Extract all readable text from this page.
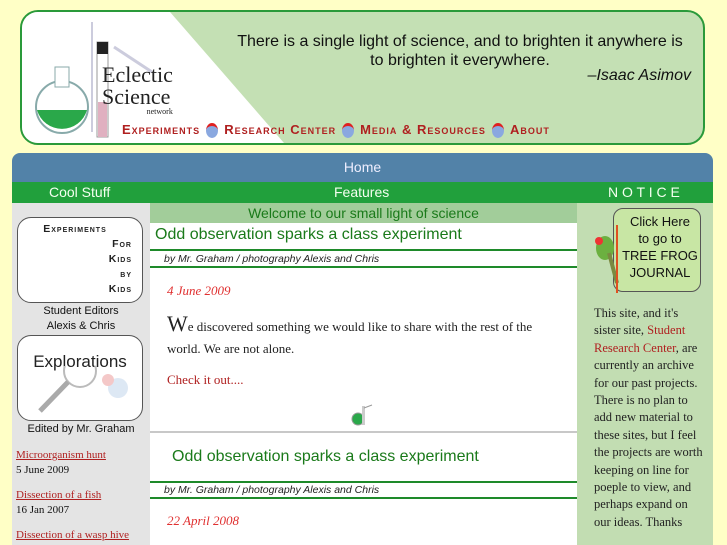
Eclectic
Science
network
There is a single light of science, and to brighten it anywhere is to brighten it everywhere.
–Isaac Asimov
Experiments Research Center Media & Resources About
Home
Cool Stuff	Features	N O T I C E
Experiments
For
Kids
by
Kids
Student Editors
Alexis & Chris
Explorations
Edited by Mr. Graham
Microorganism hunt
5 June 2009
Dissection of a fish
16 Jan 2007
Dissection of a wasp hive
Welcome to our small light of science
Odd observation sparks a class experiment
by Mr. Graham / photography Alexis and Chris
4 June 2009
We discovered something we would like to share with the rest of the world. We are not alone.
Check it out....
Odd observation sparks a class experiment
by Mr. Graham / photography Alexis and Chris
22 April 2008
Click Here
to go to
TREE FROG
JOURNAL
This site, and it's sister site, Student Research Center, are currently an archive for our past projects. There is no plan to add new material to these sites, but I feel the projects are worth keeping on line for poeple to view, and perhaps expand on our ideas. Thanks
